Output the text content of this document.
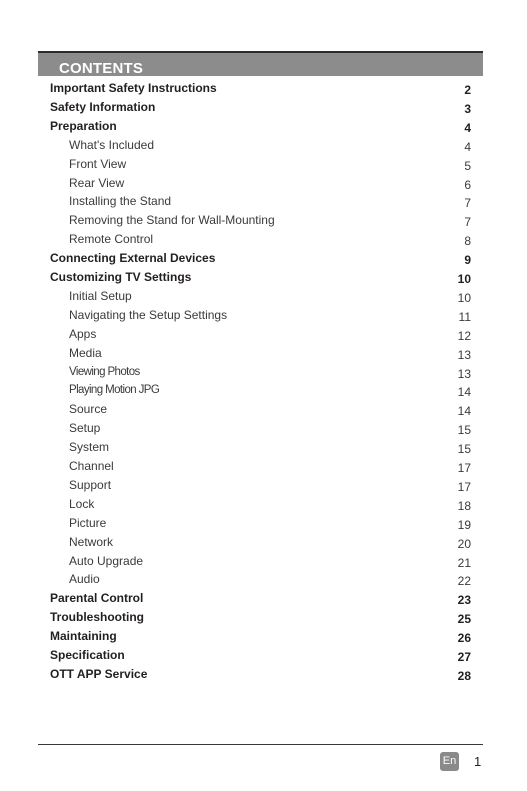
CONTENTS
Important Safety Instructions	2
Safety Information	3
Preparation	4
What's Included	4
Front View	5
Rear View	6
Installing the Stand	7
Removing the Stand for Wall-Mounting	7
Remote Control	8
Connecting External Devices	9
Customizing TV Settings	10
Initial Setup	10
Navigating the Setup Settings	11
Apps	12
Media	13
Viewing Photos	13
Playing Motion JPG	14
Source	14
Setup	15
System	15
Channel	17
Support	17
Lock	18
Picture	19
Network	20
Auto Upgrade	21
Audio	22
Parental Control	23
Troubleshooting	25
Maintaining	26
Specification	27
OTT APP Service	28
En 1
